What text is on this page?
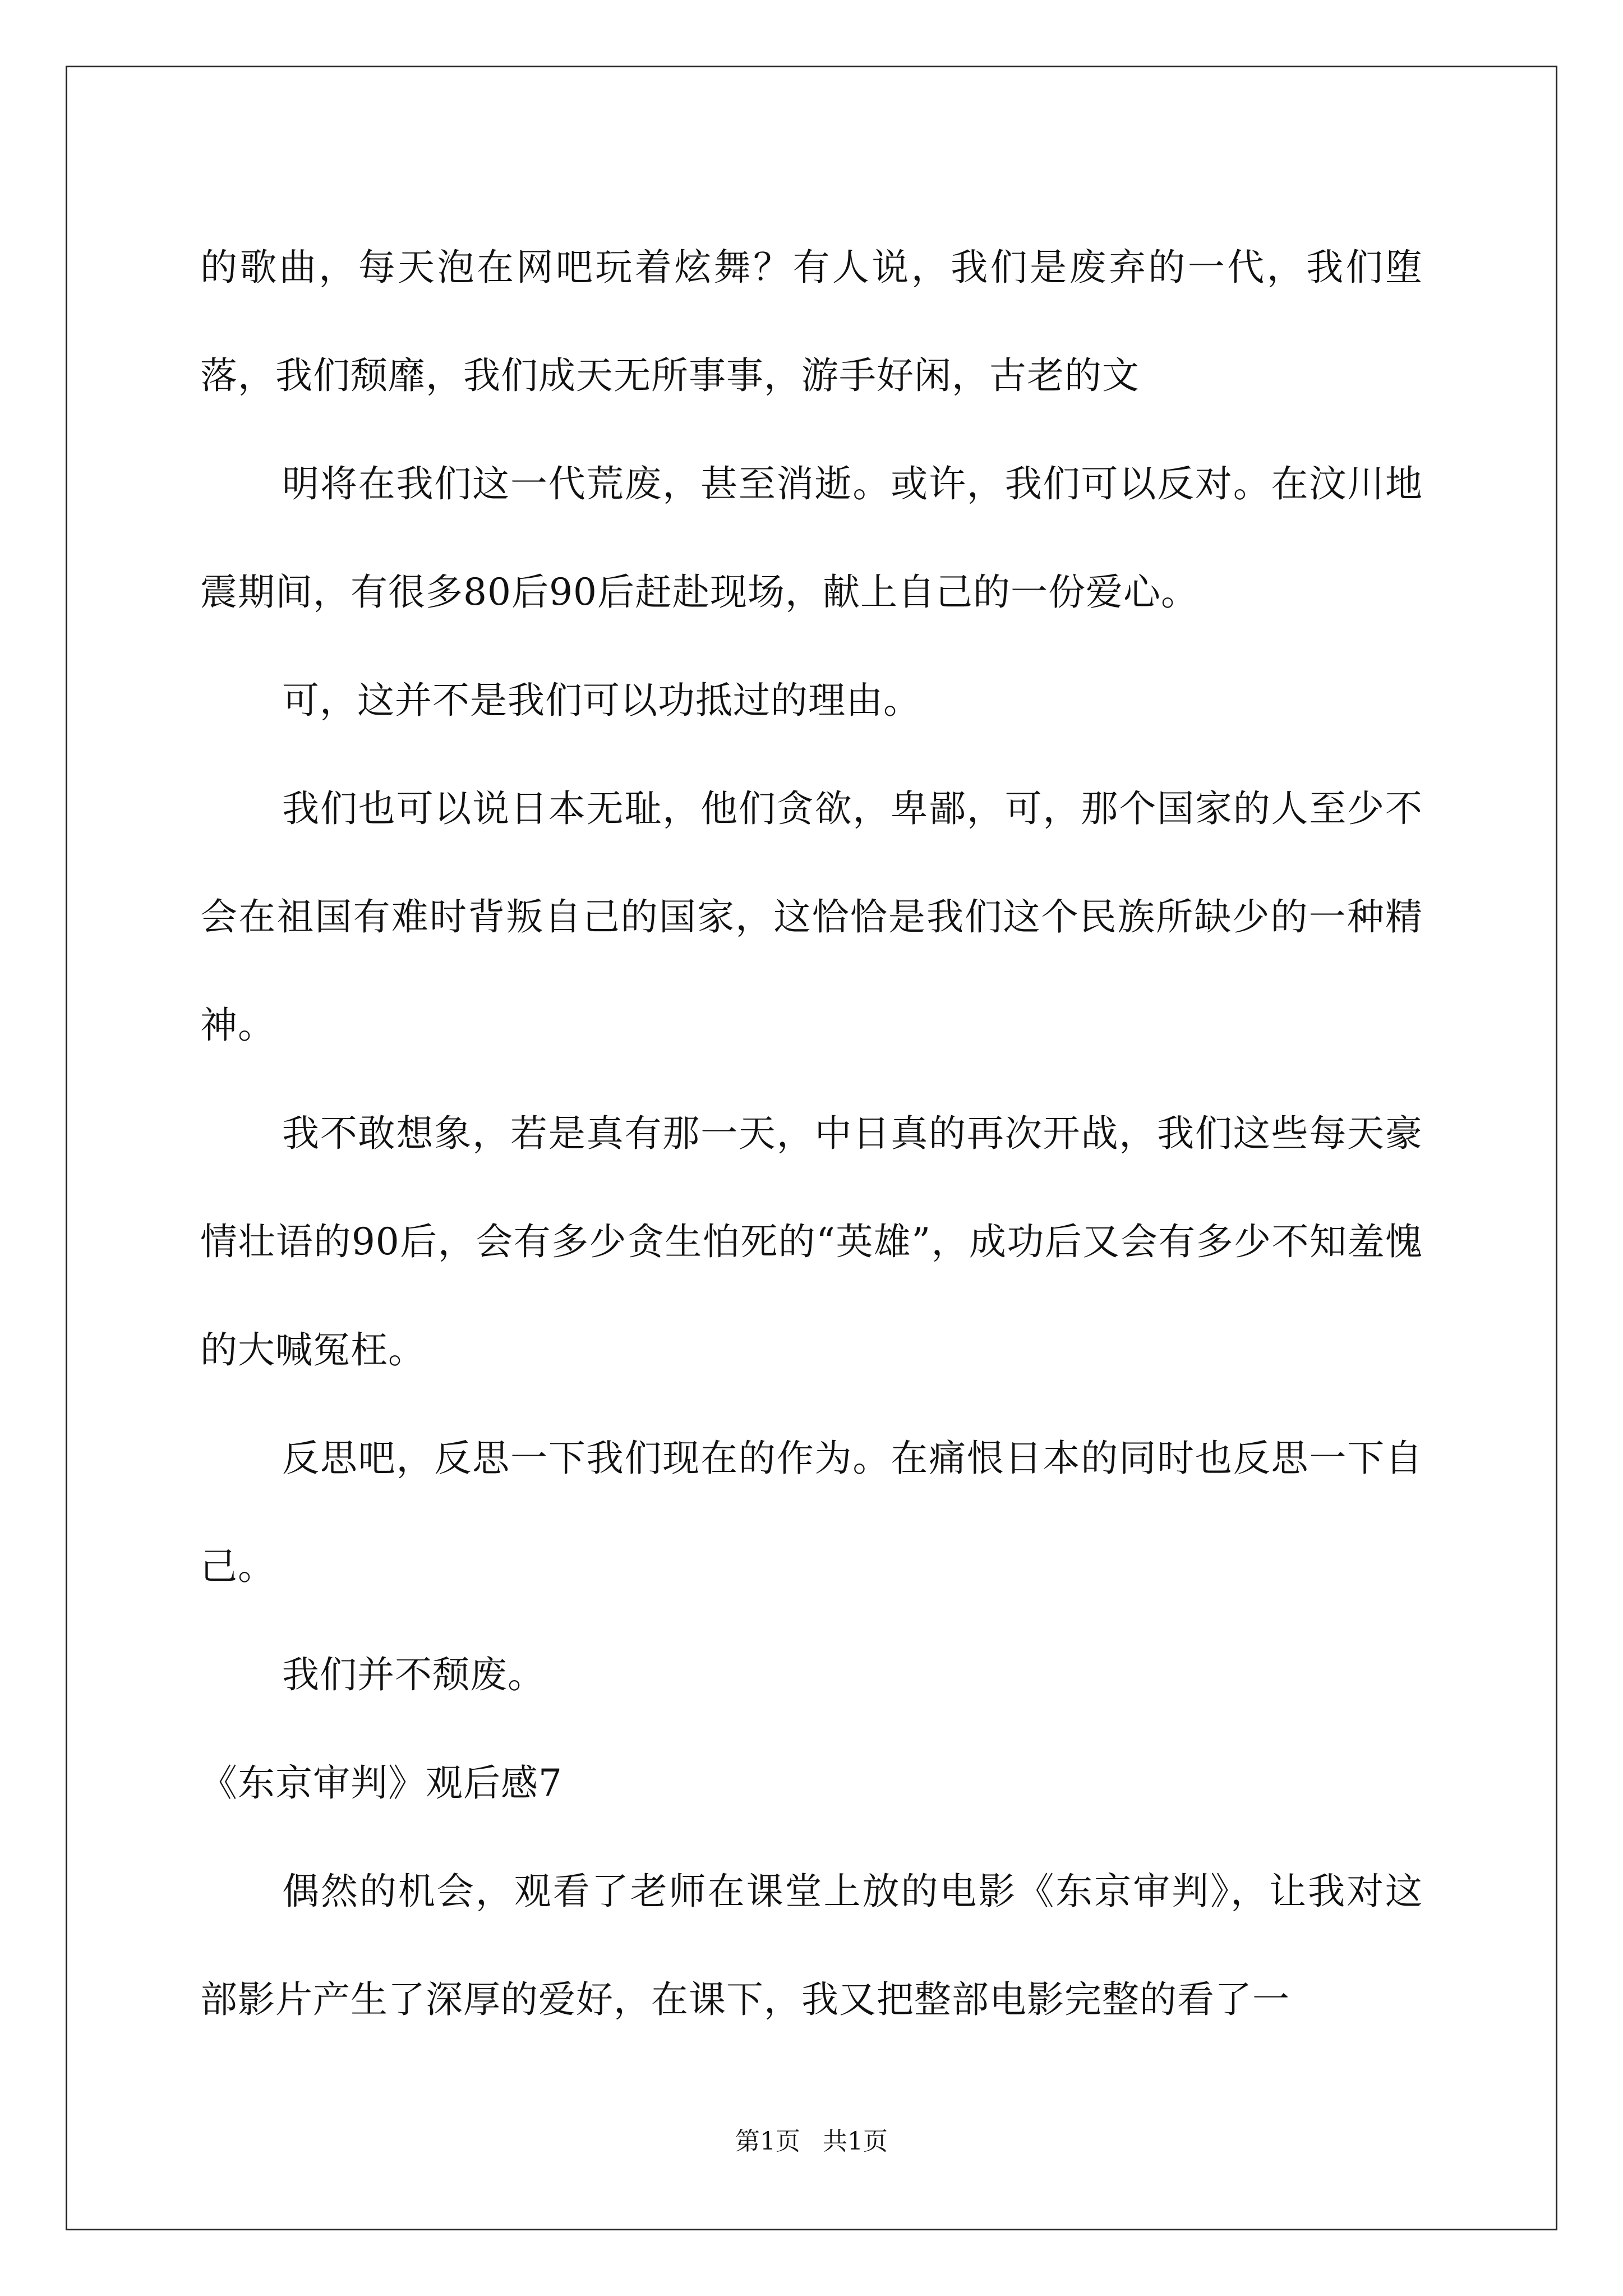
的歌曲，每天泡在网吧玩着炫舞？有人说，我们是废弃的一代，我们堕落，我们颓靡，我们成天无所事事，游手好闲，古老的文

明将在我们这一代荒废，甚至消逝。或许，我们可以反对。在汶川地震期间，有很多80后90后赶赴现场，献上自己的一份爱心。

可，这并不是我们可以功抵过的理由。

我们也可以说日本无耻，他们贪欲，卑鄙，可，那个国家的人至少不会在祖国有难时背叛自己的国家，这恰恰是我们这个民族所缺少的一种精神。

我不敢想象，若是真有那一天，中日真的再次开战，我们这些每天豪情壮语的90后，会有多少贪生怕死的“英雄”，成功后又会有多少不知羞愧的大喊冤枉。

反思吧，反思一下我们现在的作为。在痛恨日本的同时也反思一下自己。

我们并不颓废。

《东京审判》观后感7

偶然的机会，观看了老师在课堂上放的电影《东京审判》，让我对这部影片产生了深厚的爱好，在课下，我又把整部电影完整的看了一

第1页 共1页
